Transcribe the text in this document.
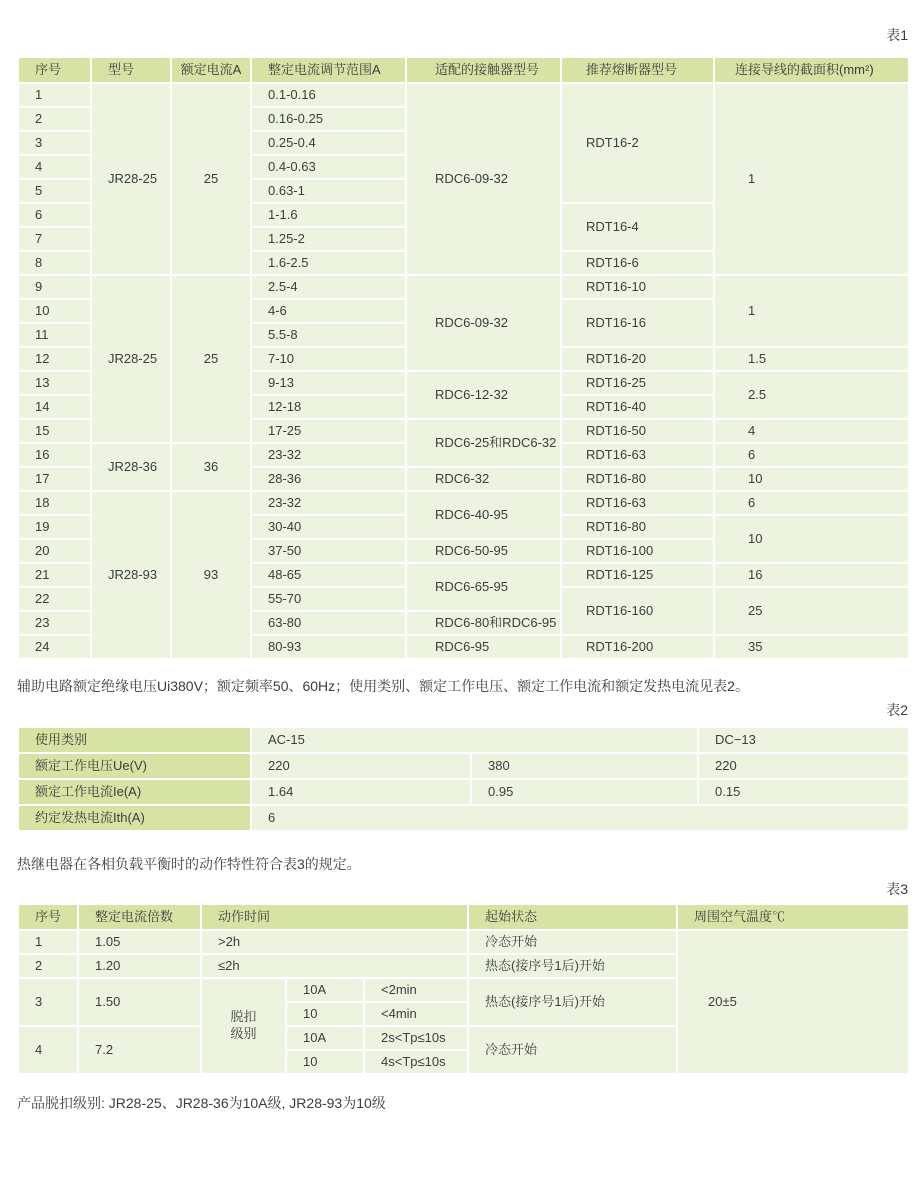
表1
序号	型号	额定电流A	整定电流调节范围A	适配的接触器型号	推荐熔断器型号	连接导线的截面积(mm²)
1	JR28-25	25	0.1-0.16	RDC6-09-32	RDT16-2	1
2			0.16-0.25			
3			0.25-0.4			
4			0.4-0.63			
5			0.63-1			
6			1-1.6		RDT16-4	
7			1.25-2			
8			1.6-2.5		RDT16-6	
9	JR28-25	25	2.5-4	RDC6-09-32	RDT16-10	1
10			4-6		RDT16-16	
11			5.5-8			
12			7-10		RDT16-20	1.5
13			9-13	RDC6-12-32	RDT16-25	2.5
14			12-18		RDT16-40	
15			17-25	RDC6-25和RDC6-32	RDT16-50	4
16	JR28-36	36	23-32		RDT16-63	6
17			28-36	RDC6-32	RDT16-80	10
18	JR28-93	93	23-32	RDC6-40-95	RDT16-63	6
19			30-40		RDT16-80	10
20			37-50	RDC6-50-95	RDT16-100	
21			48-65	RDC6-65-95	RDT16-125	16
22			55-70		RDT16-160	25
23			63-80	RDC6-80和RDC6-95		
24			80-93	RDC6-95	RDT16-200	35

辅助电路额定绝缘电压Ui380V；额定频率50、60Hz；使用类别、额定工作电压、额定工作电流和额定发热电流见表2。

表2
使用类别	AC-15		DC−13
额定工作电压Ue(V)	220	380	220
额定工作电流Ie(A)	1.64	0.95	0.15
约定发热电流Ith(A)	6		

热继电器在各相负载平衡时的动作特性符合表3的规定。

表3
序号	整定电流倍数	动作时间			起始状态	周围空气温度℃
1	1.05	>2h			冷态开始	20±5
2	1.20	≤2h			热态(接序号1后)开始	
3	1.50	脱扣级别	10A	<2min	热态(接序号1后)开始	
			10	<4min		
4	7.2		10A	2s<Tp≤10s	冷态开始	
			10	4s<Tp≤10s		

产品脱扣级别: JR28-25、JR28-36为10A级, JR28-93为10级
